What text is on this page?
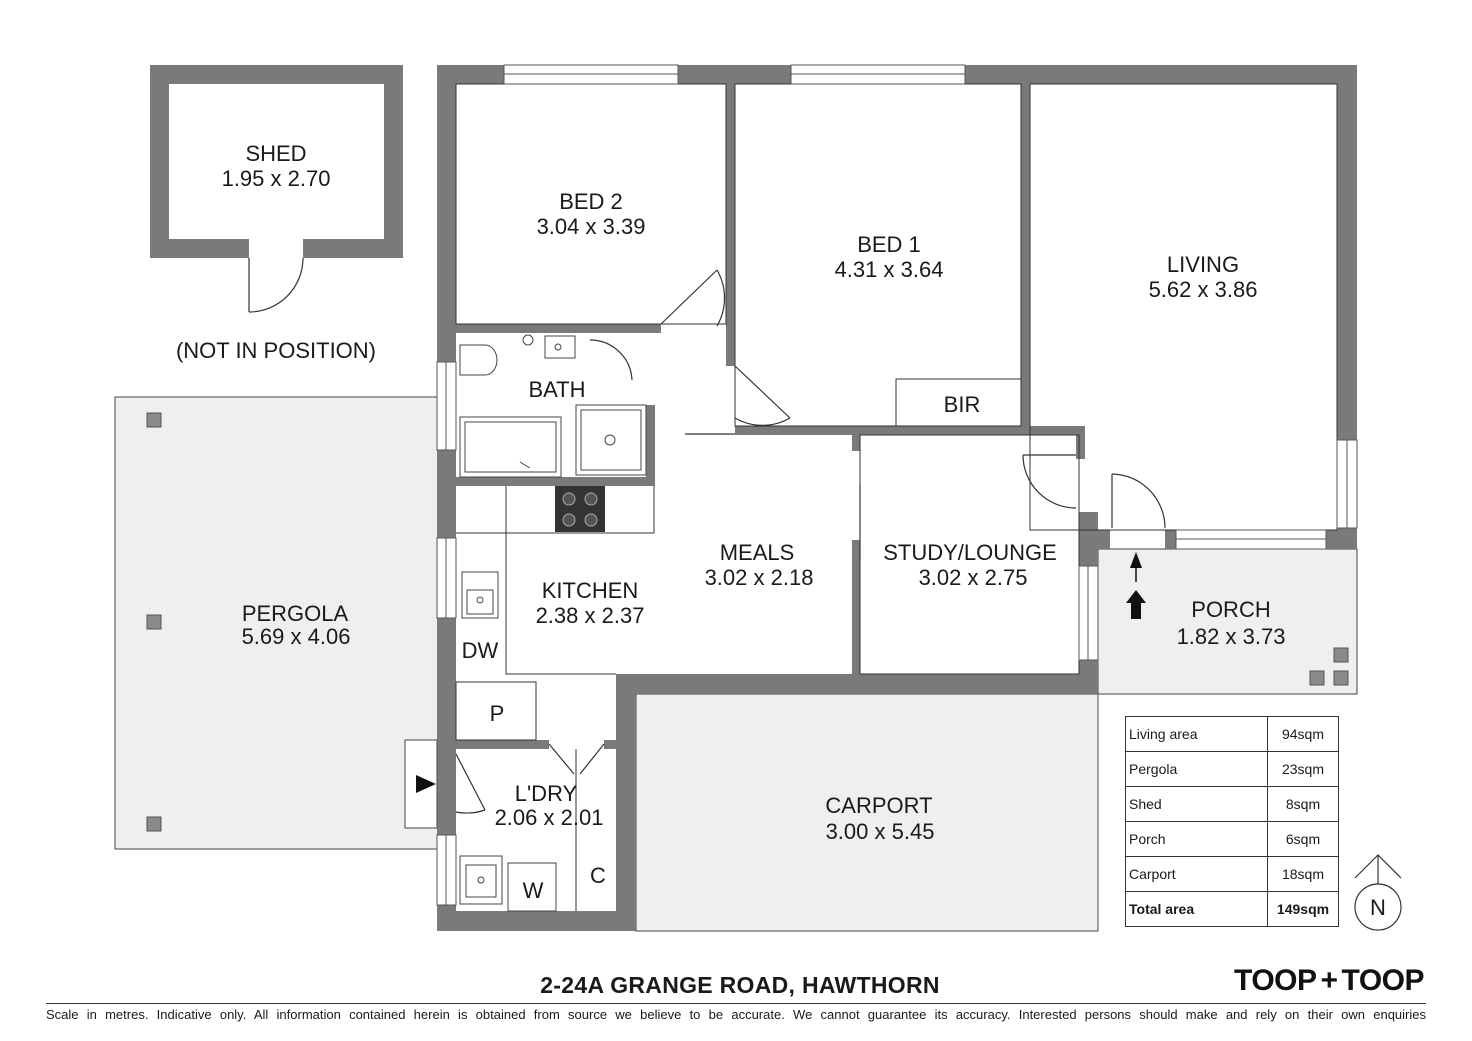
N
SHED
1.95 x 2.70
(NOT IN POSITION)
BED 2
3.04 x 3.39
BED 1
4.31 x 3.64	LIVING
5.62 x 3.86
BATH
BIR
MEALS
3.02 x 2.18
STUDY/LOUNGE
3.02 x 2.75
KITCHEN
2.38 x 2.37
DW
P
L'DRY
2.06 x 2.01
W
C
PERGOLA
5.69 x 4.06
PORCH
1.82 x 3.73
CARPORT
3.00 x 5.45
Living area	94sqm
Pergola	23sqm
Shed	8sqm
Porch	6sqm
Carport	18sqm
Total area	149sqm
2-24A GRANGE ROAD, HAWTHORN	TOOP + TOOP
Scale in metres. Indicative only. All information contained herein is obtained from source we believe to be accurate. We cannot guarantee its accuracy. Interested persons should make and rely on their own enquiries
